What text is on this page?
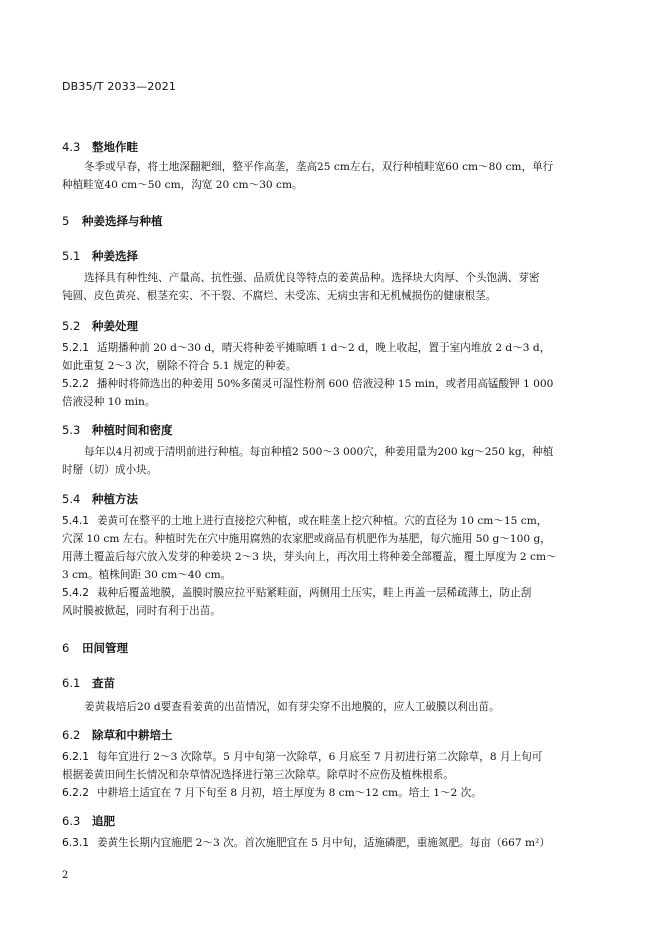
DB35/T 2033—2021
4.3 整地作畦
冬季或早春，将土地深翻耙细，整平作高垄，垄高25 cm左右，双行种植畦宽60 cm～80 cm，单行
种植畦宽40 cm～50 cm，沟宽 20 cm～30 cm。
5 种姜选择与种植
5.1 种姜选择
选择具有种性纯、产量高、抗性强、品质优良等特点的姜黄品种。选择块大肉厚、个头饱满、芽密
钝圆、皮色黄亮、根茎充实、不干裂、不腐烂、未受冻、无病虫害和无机械损伤的健康根茎。
5.2 种姜处理
5.2.1 适期播种前 20 d～30 d，晴天将种姜平摊晾晒 1 d～2 d，晚上收起，置于室内堆放 2 d～3 d，
如此重复 2～3 次，剔除不符合 5.1 规定的种姜。
5.2.2 播种时将筛选出的种姜用 50%多菌灵可湿性粉剂 600 倍液浸种 15 min，或者用高锰酸钾 1 000
倍液浸种 10 min。
5.3 种植时间和密度
每年以4月初或于清明前进行种植。每亩种植2 500～3 000穴，种姜用量为200 kg～250 kg，种植
时掰（切）成小块。
5.4 种植方法
5.4.1 姜黄可在整平的土地上进行直接挖穴种植，或在畦垄上挖穴种植。穴的直径为 10 cm～15 cm，
穴深 10 cm 左右。种植时先在穴中施用腐熟的农家肥或商品有机肥作为基肥，每穴施用 50 g～100 g，
用薄土覆盖后每穴放入发芽的种姜块 2～3 块，芽头向上，再次用土将种姜全部覆盖，覆土厚度为 2 cm～
3 cm。植株间距 30 cm～40 cm。
5.4.2 栽种后覆盖地膜，盖膜时膜应拉平贴紧畦面，两侧用土压实，畦上再盖一层稀疏薄土，防止刮
风时膜被掀起，同时有利于出苗。
6 田间管理
6.1 查苗
姜黄栽培后20 d要查看姜黄的出苗情况，如有芽尖穿不出地膜的，应人工破膜以利出苗。
6.2 除草和中耕培土
6.2.1 每年宜进行 2～3 次除草。5 月中旬第一次除草，6 月底至 7 月初进行第二次除草，8 月上旬可
根据姜黄田间生长情况和杂草情况选择进行第三次除草。除草时不应伤及植株根系。
6.2.2 中耕培土适宜在 7 月下旬至 8 月初，培土厚度为 8 cm～12 cm。培土 1～2 次。
6.3 追肥
6.3.1 姜黄生长期内宜施肥 2～3 次。首次施肥宜在 5 月中旬，适施磷肥，重施氮肥。每亩（667 m²）
2
